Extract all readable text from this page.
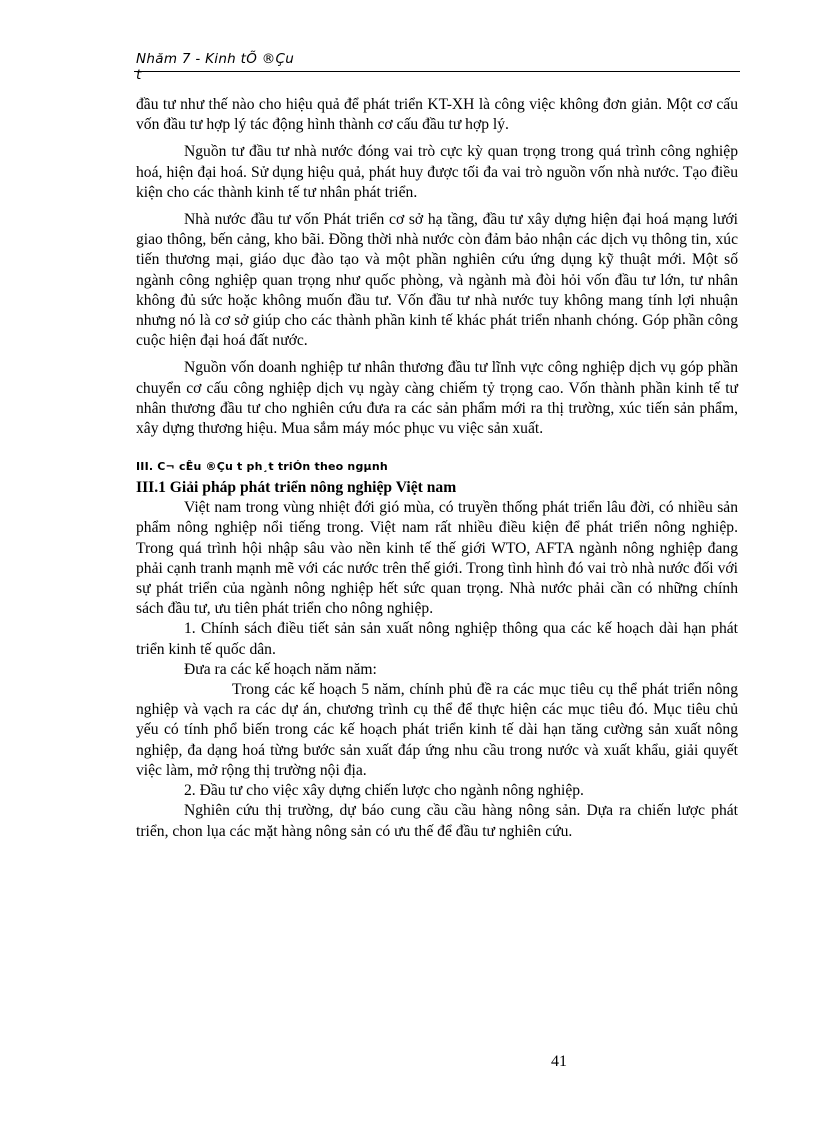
Nhăm 7 - Kinh tÕ ®Çu t

đầu tư như thế nào cho hiệu quả để phát triển KT-XH là công việc không đơn giản. Một cơ cấu vốn đầu tư hợp lý tác động hình thành cơ cấu đầu tư hợp lý.

Nguồn tư đầu tư nhà nước đóng vai trò cực kỳ quan trọng trong quá trình công nghiệp hoá, hiện đại hoá. Sử dụng hiệu quả, phát huy được tối đa vai trò nguồn vốn nhà nước. Tạo điều kiện cho các thành kinh tế tư nhân phát triển.

Nhà nước đầu tư vốn Phát triển cơ sở hạ tầng, đầu tư xây dựng hiện đại hoá mạng lưới giao thông, bến cảng, kho bãi. Đồng thời nhà nước còn đảm bảo nhận các dịch vụ thông tin, xúc tiến thương mại, giáo dục đào tạo và một phần nghiên cứu ứng dụng kỹ thuật mới. Một số ngành công nghiệp quan trọng như quốc phòng, và ngành mà đòi hỏi vốn đầu tư lớn, tư nhân không đủ sức hoặc không muốn đầu tư. Vốn đầu tư nhà nước tuy không mang tính lợi nhuận nhưng nó là cơ sở giúp cho các thành phần kinh tế khác phát triển nhanh chóng. Góp phần công cuộc hiện đại hoá đất nước.

Nguồn vốn doanh nghiệp tư nhân thương đầu tư lĩnh vực công nghiệp dịch vụ góp phần chuyển cơ cấu công nghiệp dịch vụ ngày càng chiếm tỷ trọng cao. Vốn thành phần kinh tế tư nhân thương đầu tư cho nghiên cứu đưa ra các sản phẩm mới ra thị trường, xúc tiến sản phẩm, xây dựng thương hiệu. Mua sắm máy móc phục vu việc sản xuất.

III. C¬ cÊu ®Çu t ph¸t triÓn theo ngµnh

III.1 Giải pháp phát triển nông nghiệp Việt nam

Việt nam trong vùng nhiệt đới gió mùa, có truyền thống phát triển lâu đời, có nhiều sản phẩm nông nghiệp nổi tiếng trong. Việt nam rất nhiều điều kiện để phát triển nông nghiệp. Trong quá trình hội nhập sâu vào nền kinh tế thế giới WTO, AFTA ngành nông nghiệp đang phải cạnh tranh mạnh mẽ với các nước trên thế giới. Trong tình hình đó vai trò nhà nước đối với sự phát triển của ngành nông nghiệp hết sức quan trọng. Nhà nước phải cần có những chính sách đầu tư, ưu tiên phát triển cho nông nghiệp.

1. Chính sách điều tiết sản sản xuất nông nghiệp thông qua các kế hoạch dài hạn phát triển kinh tế quốc dân.

Đưa ra các kế hoạch năm năm:

Trong các kế hoạch 5 năm, chính phủ đề ra các mục tiêu cụ thể phát triển nông nghiệp và vạch ra các dự án, chương trình cụ thể để thực hiện các mục tiêu đó. Mục tiêu chủ yếu có tính phổ biến trong các kế hoạch phát triển kinh tế dài hạn tăng cường sản xuất nông nghiệp, đa dạng hoá từng bước sản xuất đáp ứng nhu cầu trong nước và xuất khẩu, giải quyết việc làm, mở rộng thị trường nội địa.

2. Đầu tư cho việc xây dựng chiến lược cho ngành nông nghiệp.

Nghiên cứu thị trường, dự báo cung cầu cầu hàng nông sản. Dựa ra chiến lược phát triển, chon lụa các mặt hàng nông sản có ưu thế để đầu tư nghiên cứu.

41
